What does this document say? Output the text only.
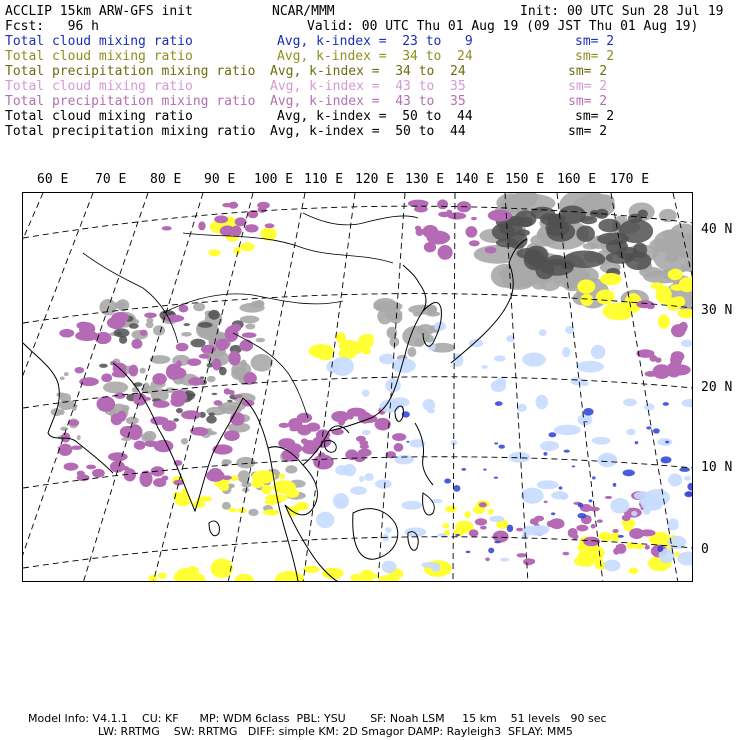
ACCLIP 15km ARW-GFS init	NCAR/MMM	Init: 00 UTC Sun 28 Jul 19
Fcst:   96 h	Valid: 00 UTC Thu 01 Aug 19 (09 JST Thu 01 Aug 19)
Total cloud mixing ratio	Avg, k-index =  23 to   9	sm= 2
Total cloud mixing ratio	Avg, k-index =  34 to  24	sm= 2
Total precipitation mixing ratio Avg, k-index =  34 to  24	sm= 2
Total cloud mixing ratio	Avg, k-index =  43 to  35	sm= 2
Total precipitation mixing ratio Avg, k-index =  43 to  35	sm= 2
Total cloud mixing ratio	Avg, k-index =  50 to  44	sm= 2
Total precipitation mixing ratio Avg, k-index =  50 to  44	sm= 2
60 E 70 E 80 E 90 E 100 E 110 E 120 E 130 E 140 E 150 E 160 E 170 E
40 N
30 N
20 N
10 N
0
Model Info: V4.1.1    CU: KF      MP: WDM 6class  PBL: YSU       SF: Noah LSM     15 km    51 levels   90 sec
LW: RRTMG    SW: RRTMG   DIFF: simple KM: 2D Smagor DAMP: Rayleigh3  SFLAY: MM5
